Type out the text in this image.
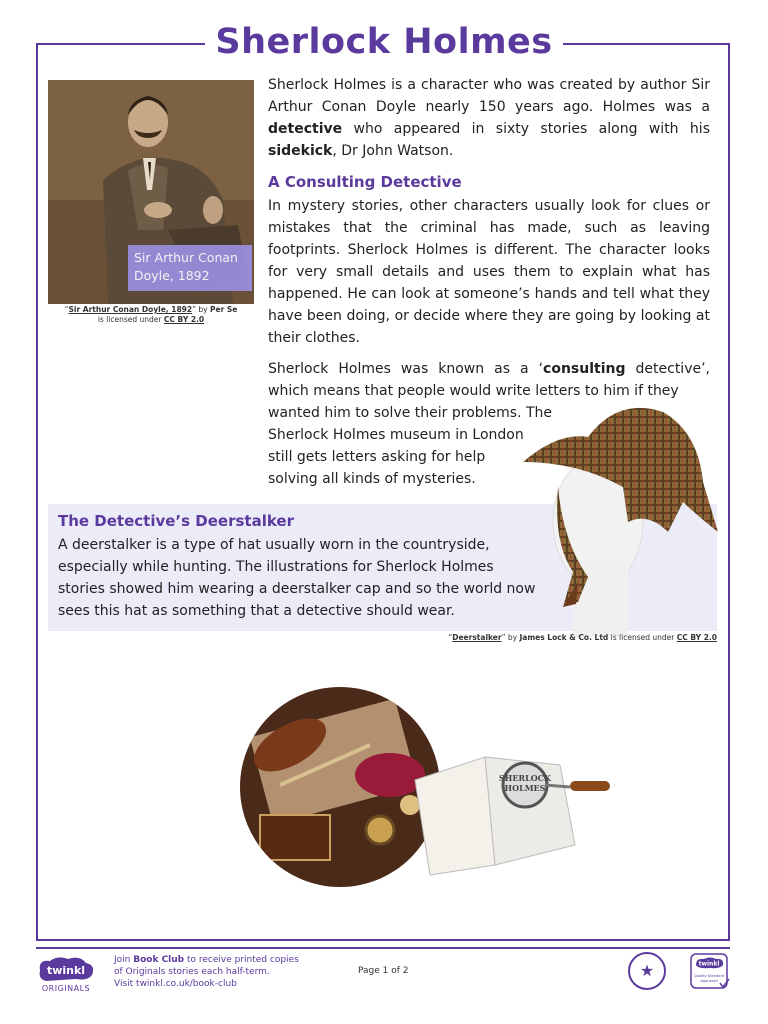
Sherlock Holmes
Sir Arthur Conan Doyle, 1892
“Sir Arthur Conan Doyle, 1892” by Per Se
is licensed under CC BY 2.0
Sherlock Holmes is a character who was created by author Sir Arthur Conan Doyle nearly 150 years ago. Holmes was a detective who appeared in sixty stories along with his sidekick, Dr John Watson.
A Consulting Detective
In mystery stories, other characters usually look for clues or mistakes that the criminal has made, such as leaving footprints. Sherlock Holmes is different. The character looks for very small details and uses them to explain what has happened. He can look at someone’s hands and tell what they have been doing, or decide where they are going by looking at their clothes.
Sherlock Holmes was known as a ‘consulting detective’, which means that people would write letters to him if they
wanted him to solve their problems. The
Sherlock Holmes museum in London
still gets letters asking for help
solving all kinds of mysteries.
The Detective’s Deerstalker
A deerstalker is a type of hat usually worn in the countryside, especially while hunting. The illustrations for Sherlock Holmes stories showed him wearing a deerstalker cap and so the world now sees this hat as something that a detective should wear.
“Deerstalker” by James Lock & Co. Ltd is licensed under CC BY 2.0
SHERLOCK
HOLMES
twinkl
ORIGINALS
Join Book Club to receive printed copies
of Originals stories each half-term.
Visit twinkl.co.uk/book-club
Page 1 of 2	★	twinkl
Quality Standard
Approved
